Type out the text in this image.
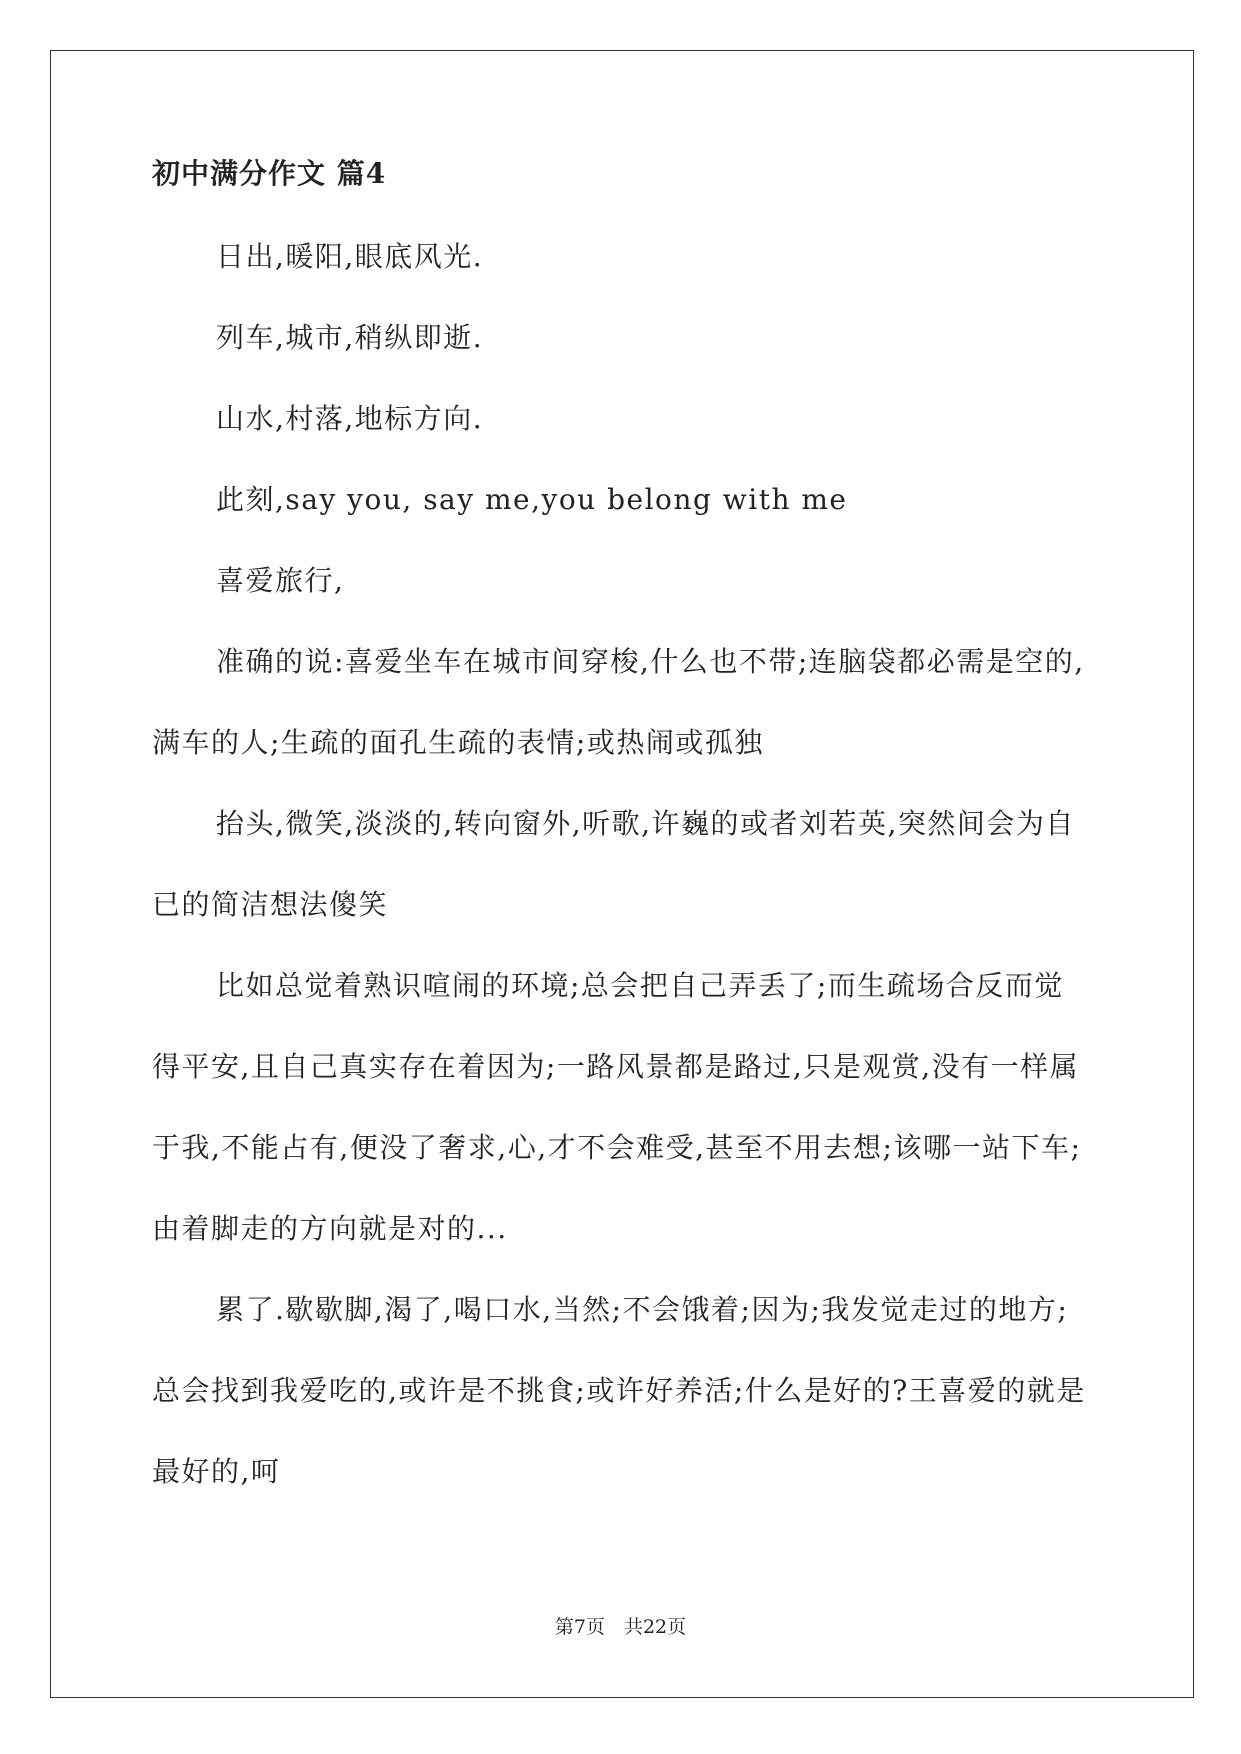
初中满分作文 篇4

日出,暖阳,眼底风光.

列车,城市,稍纵即逝.

山水,村落,地标方向.

此刻,say you, say me,you belong with me

喜爱旅行,

准确的说:喜爱坐车在城市间穿梭,什么也不带;连脑袋都必需是空的,满车的人;生疏的面孔生疏的表情;或热闹或孤独

抬头,微笑,淡淡的,转向窗外,听歌,许巍的或者刘若英,突然间会为自已的简洁想法傻笑

比如总觉着熟识喧闹的环境;总会把自己弄丢了;而生疏场合反而觉得平安,且自己真实存在着因为;一路风景都是路过,只是观赏,没有一样属于我,不能占有,便没了奢求,心,才不会难受,甚至不用去想;该哪一站下车;由着脚走的方向就是对的...

累了.歇歇脚,渴了,喝口水,当然;不会饿着;因为;我发觉走过的地方;总会找到我爱吃的,或许是不挑食;或许好养活;什么是好的?王喜爱的就是最好的,呵

第7页　共22页
